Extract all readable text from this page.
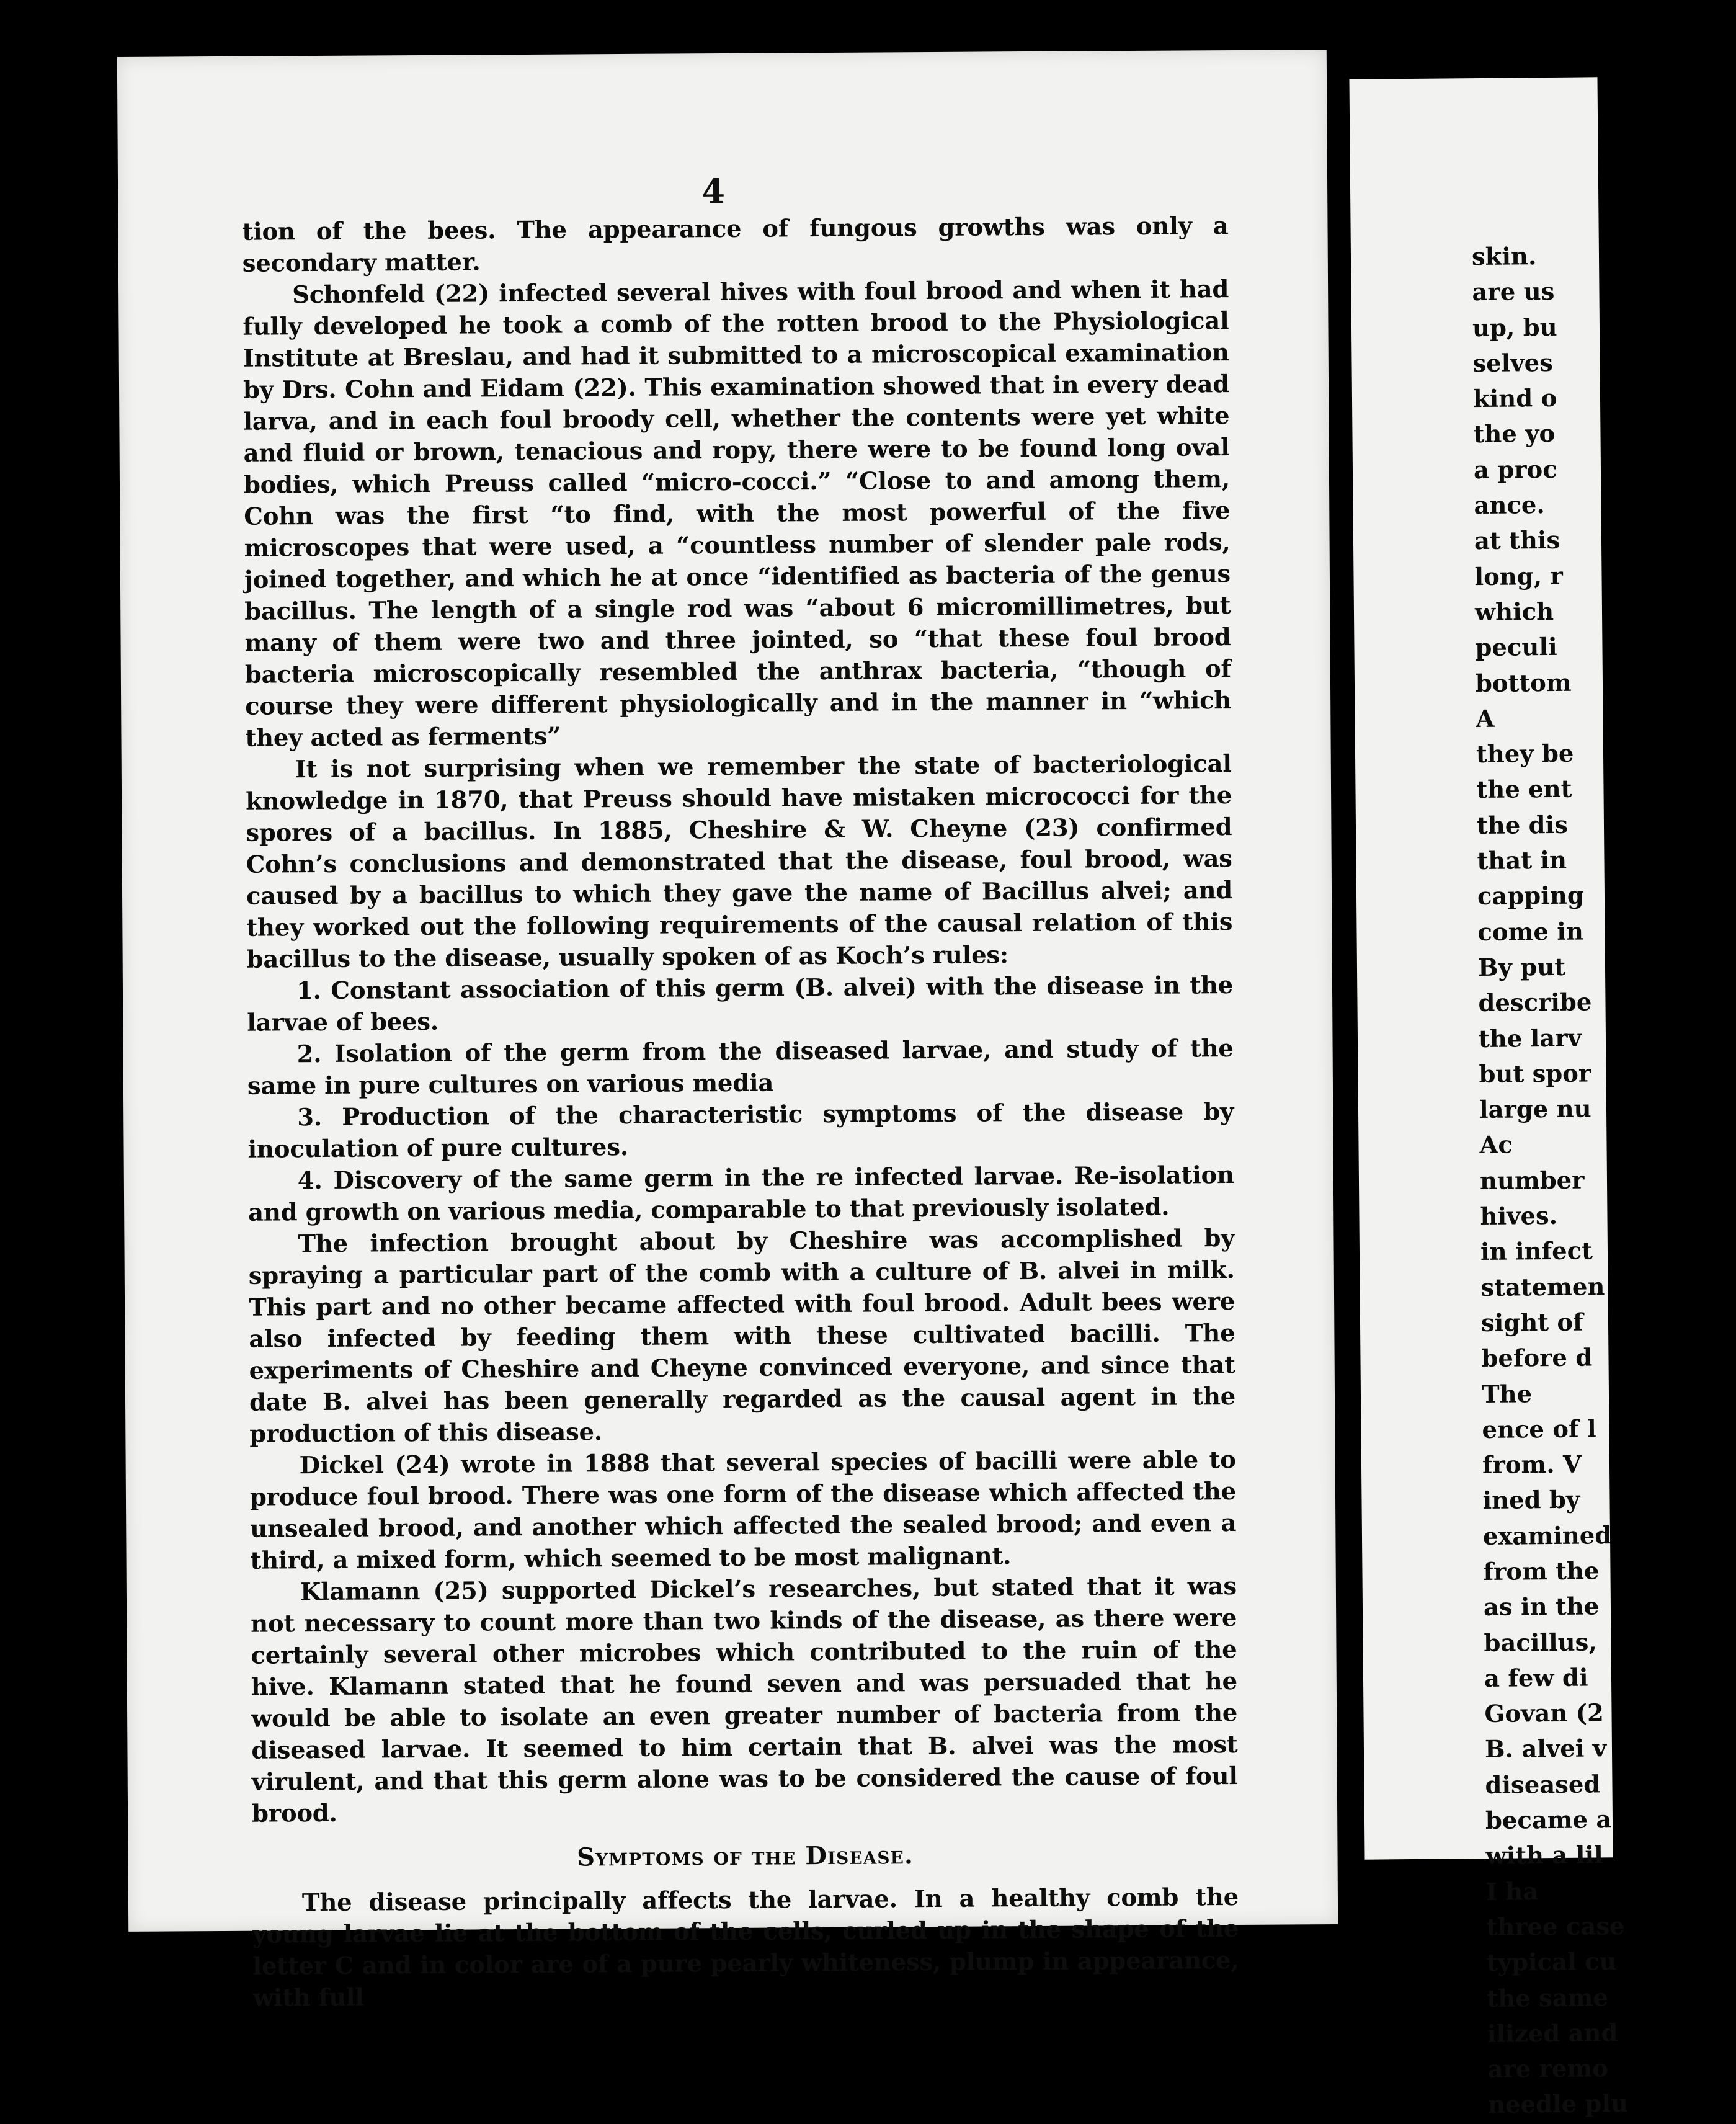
4

tion of the bees. The appearance of fungous growths was only a secondary matter.

Schonfeld (22) infected several hives with foul brood and when it had fully developed he took a comb of the rotten brood to the Physiological Institute at Breslau, and had it submitted to a microscopical examination by Drs. Cohn and Eidam (22). This examination showed that in every dead larva, and in each foul broody cell, whether the contents were yet white and fluid or brown, tenacious and ropy, there were to be found long oval bodies, which Preuss called “micro-cocci.” “Close to and among them, Cohn was the first “to find, with the most powerful of the five microscopes that were used, a “countless number of slender pale rods, joined together, and which he at once “identified as bacteria of the genus bacillus. The length of a single rod was “about 6 micromillimetres, but many of them were two and three jointed, so “that these foul brood bacteria microscopically resembled the anthrax bacteria, “though of course they were different physiologically and in the manner in “which they acted as ferments”

It is not surprising when we remember the state of bacteriological knowledge in 1870, that Preuss should have mistaken micrococci for the spores of a bacillus. In 1885, Cheshire & W. Cheyne (23) confirmed Cohn’s conclusions and demonstrated that the disease, foul brood, was caused by a bacillus to which they gave the name of Bacillus alvei; and they worked out the following requirements of the causal relation of this bacillus to the disease, usually spoken of as Koch’s rules:

1. Constant association of this germ (B. alvei) with the disease in the larvae of bees.

2. Isolation of the germ from the diseased larvae, and study of the same in pure cultures on various media

3. Production of the characteristic symptoms of the disease by inoculation of pure cultures.

4. Discovery of the same germ in the re infected larvae. Re-isolation and growth on various media, comparable to that previously isolated.

The infection brought about by Cheshire was accomplished by spraying a particular part of the comb with a culture of B. alvei in milk. This part and no other became affected with foul brood. Adult bees were also infected by feeding them with these cultivated bacilli. The experiments of Cheshire and Cheyne convinced everyone, and since that date B. alvei has been generally regarded as the causal agent in the production of this disease.

Dickel (24) wrote in 1888 that several species of bacilli were able to produce foul brood. There was one form of the disease which affected the unsealed brood, and another which affected the sealed brood; and even a third, a mixed form, which seemed to be most malignant.

Klamann (25) supported Dickel’s researches, but stated that it was not necessary to count more than two kinds of the disease, as there were certainly several other microbes which contributed to the ruin of the hive. Klamann stated that he found seven and was persuaded that he would be able to isolate an even greater number of bacteria from the diseased larvae. It seemed to him certain that B. alvei was the most virulent, and that this germ alone was to be considered the cause of foul brood.

Symptoms of the Disease.

The disease principally affects the larvae. In a healthy comb the young larvae lie at the bottom of the cells, curled up in the shape of the letter C and in color are of a pure pearly whiteness, plump in appearance, with full

skin.
are us
up, bu
selves
kind o
the yo
a proc
ance.
at this
long, r
which
peculi
bottom
A
they be
the ent
the dis
that in
capping
come in
By put
describe
the larv
but spor
large nu
Ac
number
hives.
in infect
statemen
sight of
before d
The
ence of l
from. V
ined by
examined
from the
as in the
bacillus,
a few di
Govan (2
B. alvei v
diseased
became a
with a lil
I ha
three case
typical cu
the same
ilized and
are remo
needle plu
